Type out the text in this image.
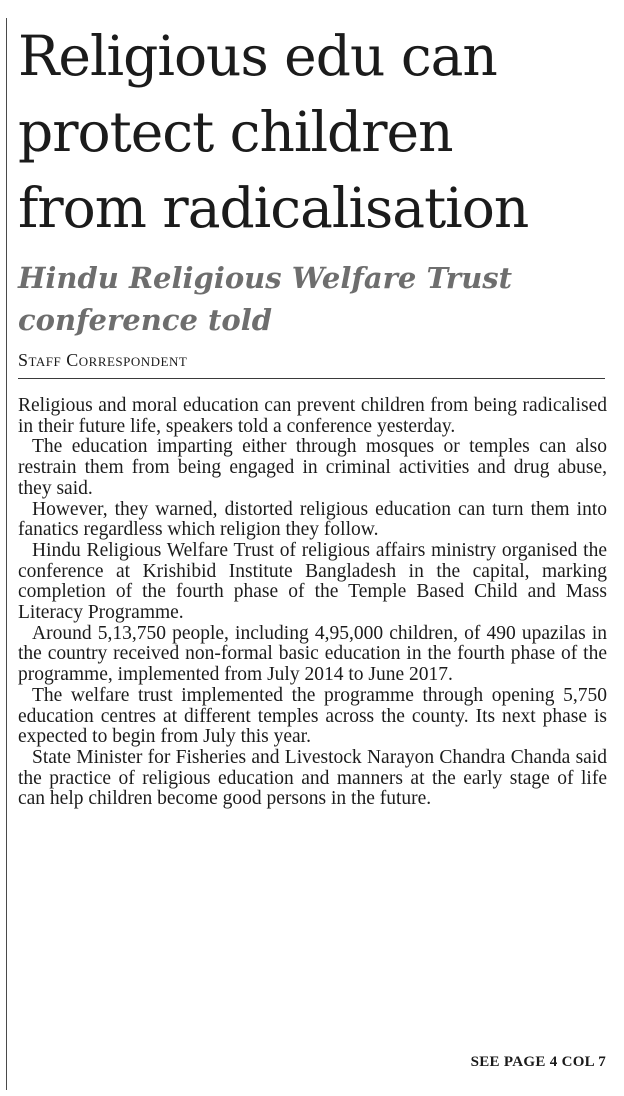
Religious edu can
protect children
from radicalisation
Hindu Religious Welfare Trust
conference told
Staff Correspondent

Religious and moral education can prevent children from being radicalised in their future life, speakers told a conference yesterday.

The education imparting either through mosques or temples can also restrain them from being engaged in criminal activities and drug abuse, they said.

However, they warned, distorted religious education can turn them into fanatics regardless which religion they follow.

Hindu Religious Welfare Trust of religious affairs ministry organised the conference at Krishibid Institute Bangladesh in the capital, marking completion of the fourth phase of the Temple Based Child and Mass Literacy Programme.

Around 5,13,750 people, including 4,95,000 children, of 490 upazilas in the country received non-formal basic education in the fourth phase of the programme, implemented from July 2014 to June 2017.

The welfare trust implemented the programme through opening 5,750 education centres at different temples across the county. Its next phase is expected to begin from July this year.

State Minister for Fisheries and Livestock Narayon Chandra Chanda said the practice of religious education and manners at the early stage of life can help children become good persons in the future.

SEE PAGE 4 COL 7
